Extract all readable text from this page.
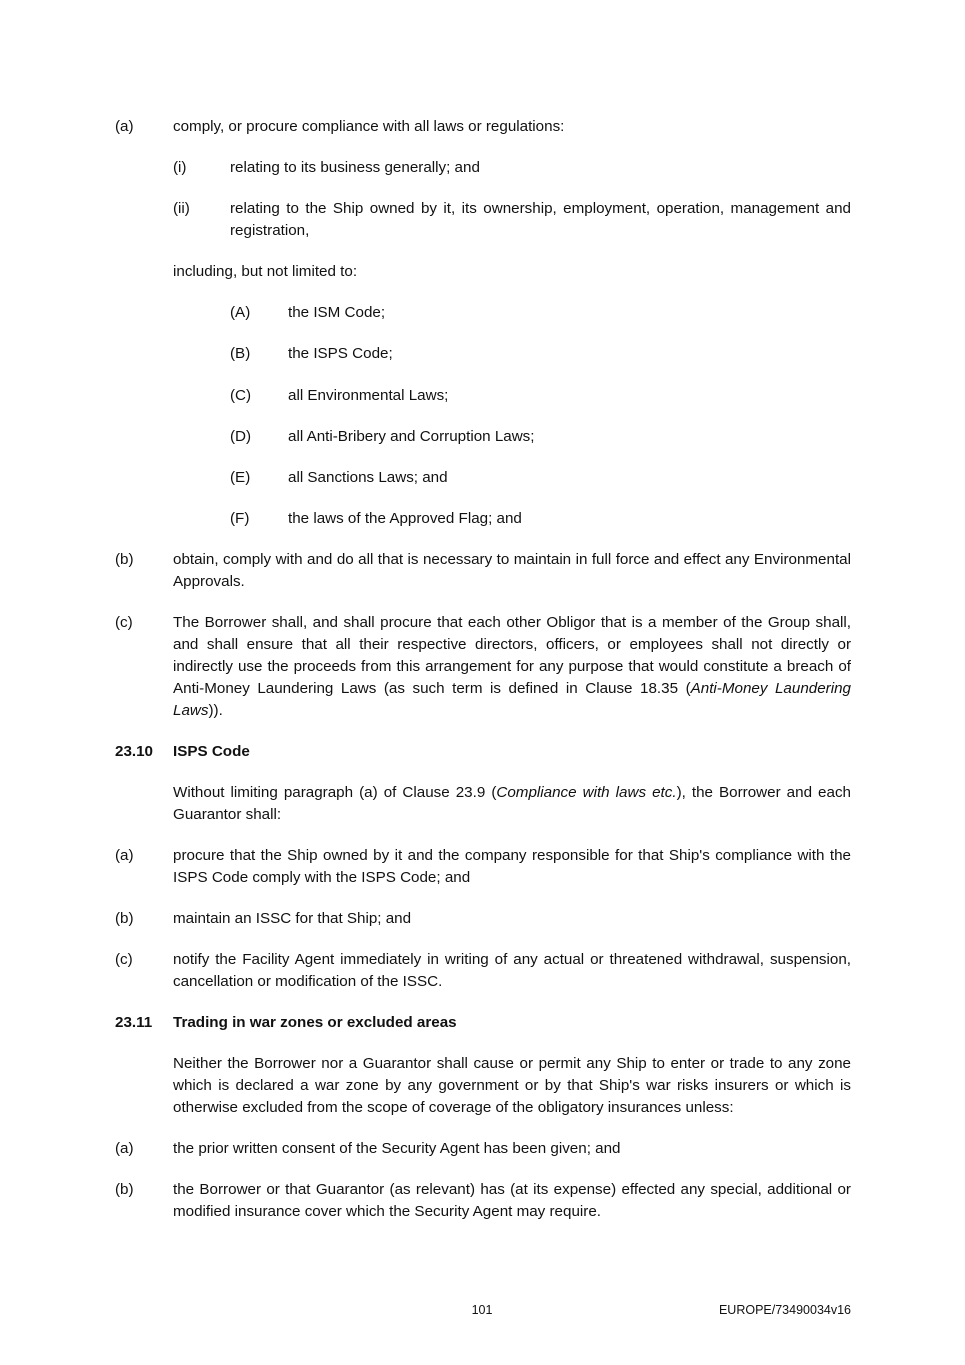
(a)	comply, or procure compliance with all laws or regulations:
(i)	relating to its business generally; and
(ii)	relating to the Ship owned by it, its ownership, employment, operation, management and registration,
including, but not limited to:
(A) the ISM Code;
(B) the ISPS Code;
(C) all Environmental Laws;
(D) all Anti-Bribery and Corruption Laws;
(E) all Sanctions Laws; and
(F)	the laws of the Approved Flag; and
(b)	obtain, comply with and do all that is necessary to maintain in full force and effect any Environmental Approvals.
(c)	The Borrower shall, and shall procure that each other Obligor that is a member of the Group shall, and shall ensure that all their respective directors, officers, or employees shall not directly or indirectly use the proceeds from this arrangement for any purpose that would constitute a breach of Anti-Money Laundering Laws (as such term is defined in Clause 18.35 (Anti-Money Laundering Laws)).
23.10 ISPS Code
Without limiting paragraph (a) of Clause 23.9 (Compliance with laws etc.), the Borrower and each Guarantor shall:
(a)	procure that the Ship owned by it and the company responsible for that Ship's compliance with the ISPS Code comply with the ISPS Code; and
(b)	maintain an ISSC for that Ship; and
(c)	notify the Facility Agent immediately in writing of any actual or threatened withdrawal, suspension, cancellation or modification of the ISSC.
23.11 Trading in war zones or excluded areas
Neither the Borrower nor a Guarantor shall cause or permit any Ship to enter or trade to any zone which is declared a war zone by any government or by that Ship's war risks insurers or which is otherwise excluded from the scope of coverage of the obligatory insurances unless:
(a)	the prior written consent of the Security Agent has been given; and
(b)	the Borrower or that Guarantor (as relevant) has (at its expense) effected any special, additional or modified insurance cover which the Security Agent may require.
101	EUROPE/73490034v16
